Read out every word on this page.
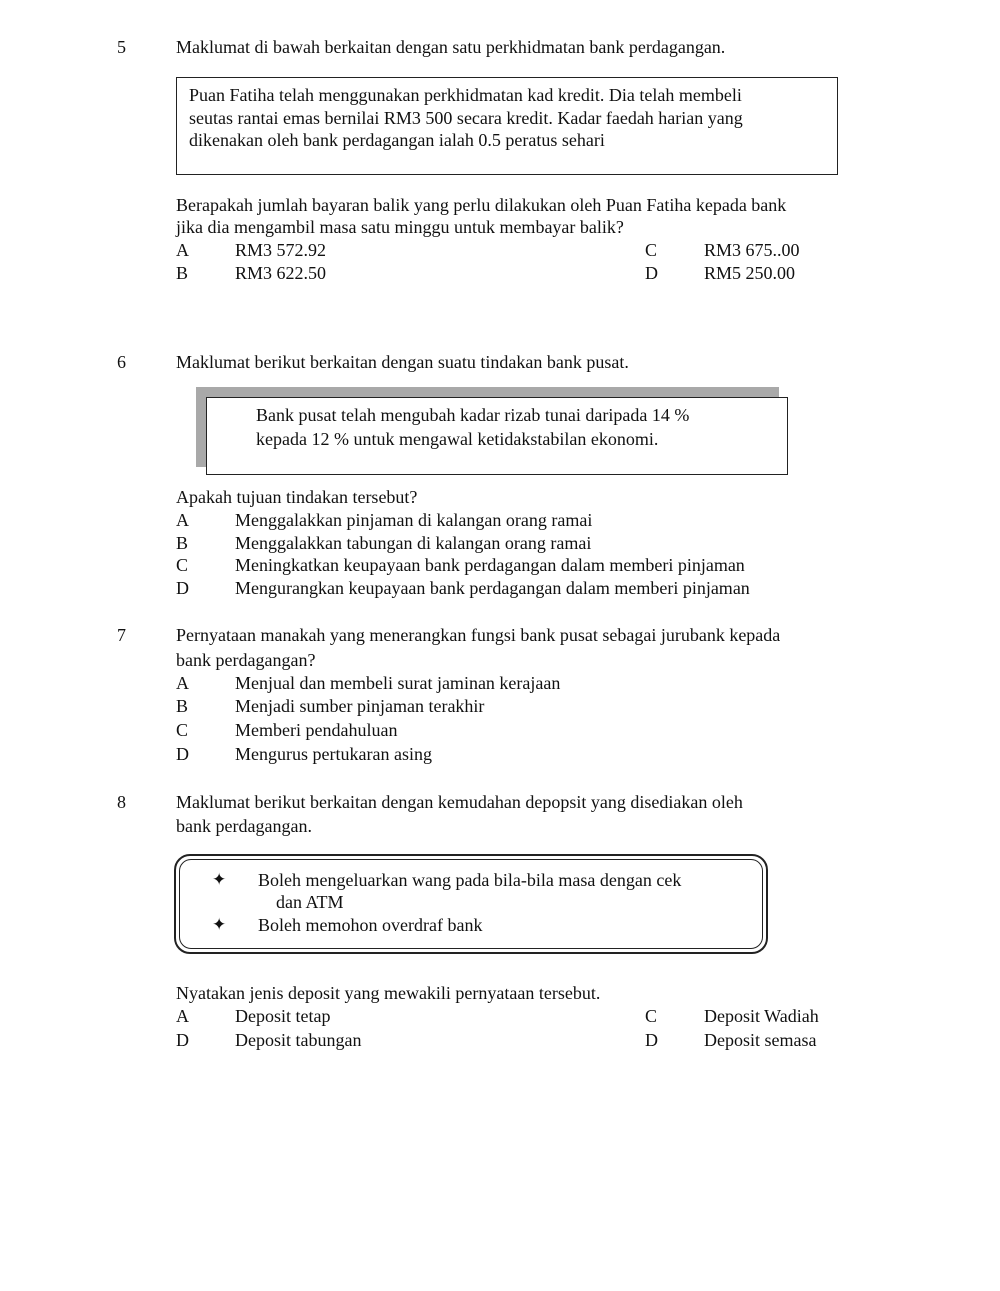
5	Maklumat di bawah berkaitan dengan satu perkhidmatan bank perdagangan.
Puan Fatiha telah menggunakan perkhidmatan kad kredit. Dia telah membeli
seutas rantai emas bernilai RM3 500 secara kredit. Kadar faedah harian yang
dikenakan oleh bank perdagangan ialah 0.5 peratus sehari
Berapakah jumlah bayaran balik yang perlu dilakukan oleh Puan Fatiha kepada bank
jika dia mengambil masa satu minggu untuk membayar balik?
A	RM3 572.92
B	RM3 622.50
C	RM3 675..00
D	RM5 250.00
6	Maklumat berikut berkaitan dengan suatu tindakan bank pusat.
Bank pusat telah mengubah kadar rizab tunai daripada 14 %
kepada 12 % untuk mengawal ketidakstabilan ekonomi.
Apakah tujuan tindakan tersebut?
A	Menggalakkan pinjaman di kalangan orang ramai
B	Menggalakkan tabungan di kalangan orang ramai
C	Meningkatkan keupayaan bank perdagangan dalam memberi pinjaman
D	Mengurangkan keupayaan bank perdagangan dalam memberi pinjaman
7	Pernyataan manakah yang menerangkan fungsi bank pusat sebagai jurubank kepada
bank perdagangan?
A	Menjual dan membeli surat jaminan kerajaan
B	Menjadi sumber pinjaman terakhir
C	Memberi pendahuluan
D	Mengurus pertukaran asing
8	Maklumat berikut berkaitan dengan kemudahan depopsit yang disediakan oleh
bank perdagangan.
✦ Boleh mengeluarkan wang pada bila-bila masa dengan cek
dan ATM
✦ Boleh memohon overdraf bank
Nyatakan jenis deposit yang mewakili pernyataan tersebut.
A	Deposit tetap
D	Deposit tabungan
C	Deposit Wadiah
D	Deposit semasa
